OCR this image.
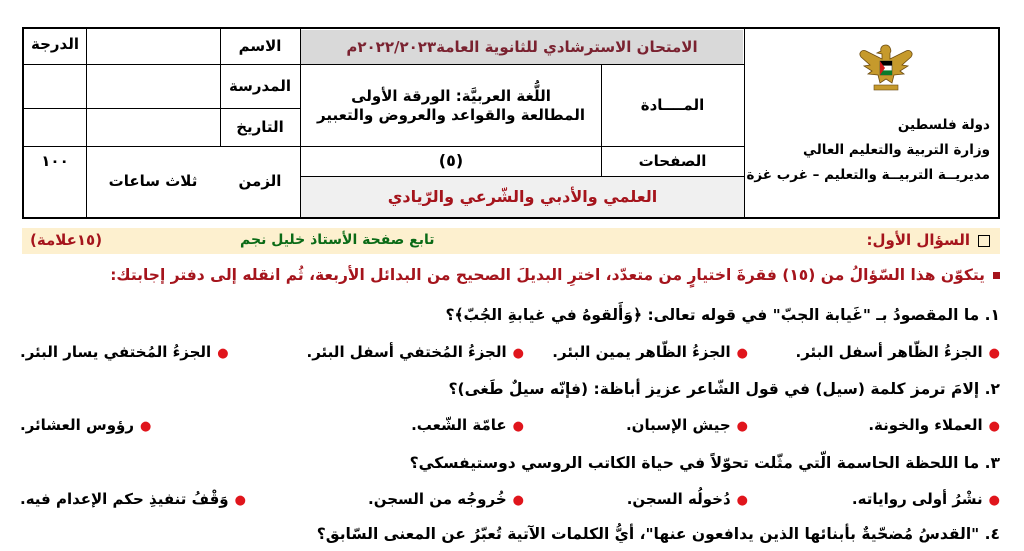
الدرجة
١٠٠
الاسم
المدرسة
التاريخ
ثلاث ساعات	الزمن
الامتحان الاسترشادي للثانوية العامة٢٠٢٢/٢٠٢٣م
اللُّغة العربيَّة: الورقة الأولى
المطالعة والقواعد والعروض والتعبير
المــــادة
(٥)	الصفحات
العلمي والأدبي والشّرعي والرّيادي
دولة فلسطين
وزارة التربية والتعليم العالي
مديريــة التربيــة والتعليم – غرب غزة
السؤال الأول:
تابع صفحة الأستاذ خليل نجم
(١٥علامة)
يتكوّن هذا السّؤالُ من (١٥) فقرةَ اختيارٍ من متعدّد، اخترِ البديلَ الصحيح من البدائل الأربعة، ثُم انقله إلى دفتر إجابتك:
١. ما المقصودُ بـ "غَيابة الجبّ" في قوله تعالى: ﴿وَأَلقوهُ في غيابةِ الجُبّ﴾؟
●الجزءُ الظّاهر أسفل البئر.
●الجزءُ الظّاهر يمين البئر.
●الجزءُ المُختفي أسفل البئر.
●الجزءُ المُختفي يسار البئر.
٢. إلامَ ترمز كلمة (سيل) في قول الشّاعر عزيز أباظة: (فإنّه سيلٌ طَغى)؟
●العملاء والخونة.
●جيش الإسبان.
●عامّة الشّعب.
●رؤوس العشائر.
٣. ما اللحظة الحاسمة الّتي مثّلت تحوّلاً في حياة الكاتب الروسي دوستيفسكي؟
●نشْرُ أولى رواياته.
●دُخولُه السجن.
●خُروجُه من السجن.
●وَقْفُ تنفيذِ حكم الإعدام فيه.
٤. "القدسُ مُضحّيةٌ بأبنائها الذين يدافعون عنها"، أيُّ الكلمات الآتية تُعبّرُ عن المعنى السّابق؟
